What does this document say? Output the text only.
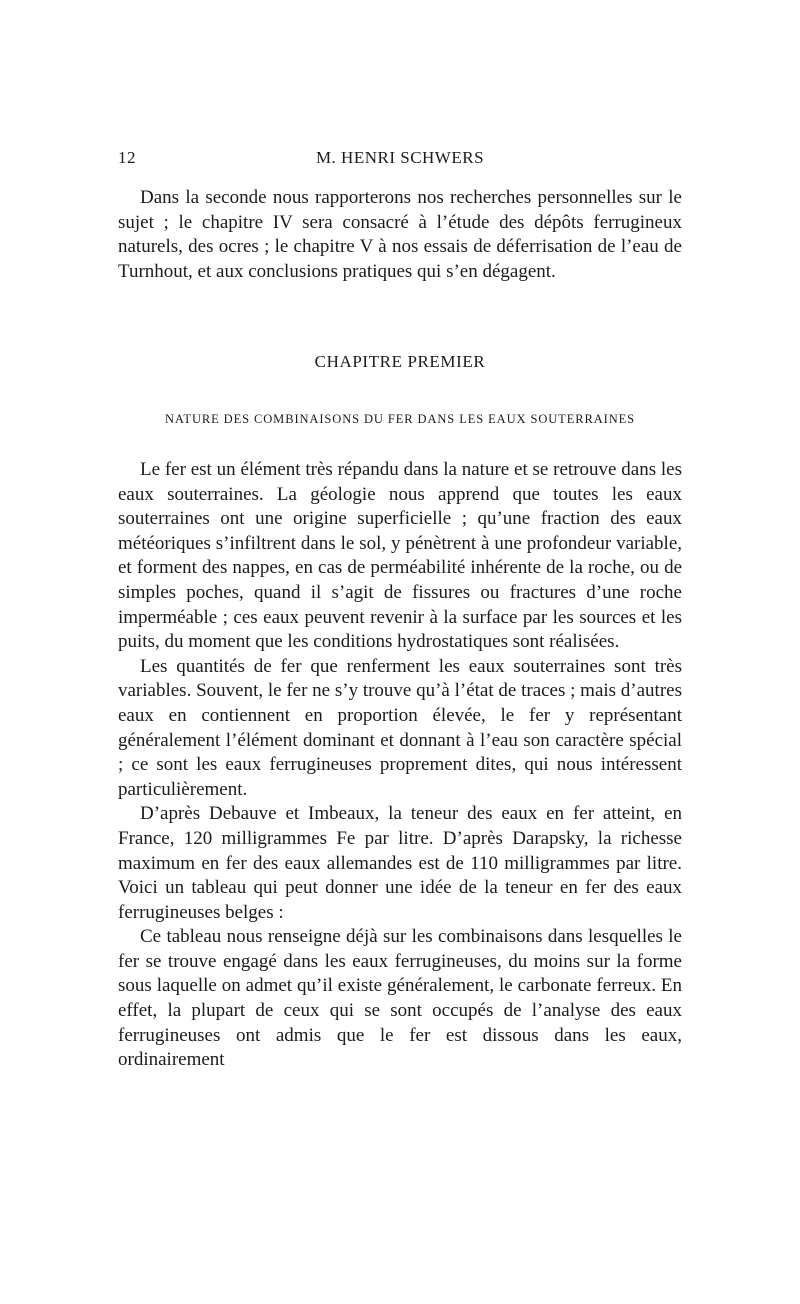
12	M. HENRI SCHWERS

Dans la seconde nous rapporterons nos recherches personnelles sur le sujet ; le chapitre IV sera consacré à l’étude des dépôts ferrugineux naturels, des ocres ; le chapitre V à nos essais de déferrisation de l’eau de Turnhout, et aux conclusions pratiques qui s’en dégagent.

CHAPITRE PREMIER
NATURE DES COMBINAISONS DU FER DANS LES EAUX SOUTERRAINES

Le fer est un élément très répandu dans la nature et se retrouve dans les eaux souterraines. La géologie nous apprend que toutes les eaux souterraines ont une origine superficielle ; qu’une fraction des eaux météoriques s’infiltrent dans le sol, y pénètrent à une profondeur variable, et forment des nappes, en cas de perméabilité inhérente de la roche, ou de simples poches, quand il s’agit de fissures ou fractures d’une roche imperméable ; ces eaux peuvent revenir à la surface par les sources et les puits, du moment que les conditions hydrostatiques sont réalisées.

Les quantités de fer que renferment les eaux souterraines sont très variables. Souvent, le fer ne s’y trouve qu’à l’état de traces ; mais d’autres eaux en contiennent en proportion élevée, le fer y représentant généralement l’élément dominant et donnant à l’eau son caractère spécial ; ce sont les eaux ferrugineuses proprement dites, qui nous intéressent particulièrement.

D’après Debauve et Imbeaux, la teneur des eaux en fer atteint, en France, 120 milligrammes Fe par litre. D’après Darapsky, la richesse maximum en fer des eaux allemandes est de 110 milligrammes par litre. Voici un tableau qui peut donner une idée de la teneur en fer des eaux ferrugineuses belges :

Ce tableau nous renseigne déjà sur les combinaisons dans lesquelles le fer se trouve engagé dans les eaux ferrugineuses, du moins sur la forme sous laquelle on admet qu’il existe généralement, le carbonate ferreux. En effet, la plupart de ceux qui se sont occupés de l’analyse des eaux ferrugineuses ont admis que le fer est dissous dans les eaux, ordinairement
